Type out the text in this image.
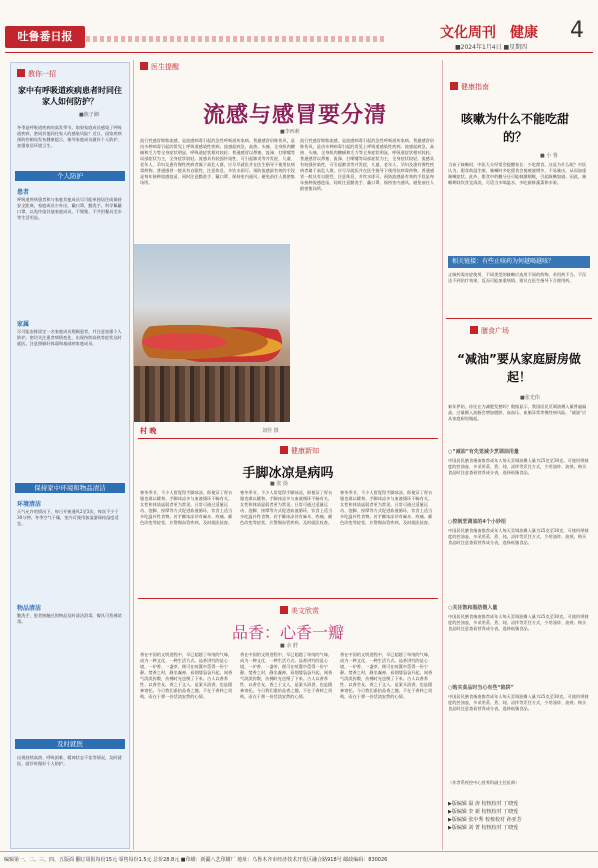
吐鲁番日报	文化周刊 健康 4
■2024年1月4日 ■星期四
教你一招
家中有呼吸道疾病患者时同住家人如何防护？
■陈子湘
冬季是呼吸道疾病的高发季节。如果家庭成员感染了呼吸道疾病，密同其他同住家人的感染风险？近日，国家疾病预防控制局发布健康提示，指导家庭成员做好个人防护，加强家居环境卫生。
个人防护
患者
呼吸道疾病患者和与家庭其他成员尽可能单独居住或保持安全距离，家庭成员少外出，戴口罩，勤洗手。科学佩戴口罩，以免传染其他家庭成员。不聚集、不共用餐具毛巾等生活用品。
家属
尽可能安排固定一名家庭成员照顾患者，并注意加强个人防护。密切关注患者病情变化，出现持续高热等症状及时就医。注意照顾好体弱和基础病家庭成员。
保持家中环境和物品清洁
环境清洁
天气允许的情况下，每日开窗通风2至3次，每次不少于30分钟。冬季空气干燥，室内可使用加湿器保持湿度适宜。
物品清洁
勤洗手，患者接触过的物品及时清洁消毒，餐具可煮沸消毒。
及时就医
出现持续高热、呼吸困难、精神状态不佳等情况，及时就医，就诊时做好个人防护。
医生提醒
流感与感冒要分清
■李西莉
流行性感冒简称流感，是流感病毒引起的急性呼吸道传染病。普通感冒俗称伤风，是由多种病毒引起的常见上呼吸道感染性疾病。流感起病急，高热、头痛、全身肌肉酸痛和乏力等全身症状明显，呼吸道症状相对较轻；普通感冒以鼻塞、流涕、打喷嚏等局部症状为主，全身症状较轻。流感具有较强传染性，可引起肺炎等并发症，儿童、老年人、孕妇及患有慢性疾病者属于高危人群，应尽早就医并在医生指导下使用抗病毒药物。普通感冒一般具有自限性，注意休息、多饮水即可。预防流感最有效的手段是每年接种流感疫苗，同时注意勤洗手、戴口罩、保持室内通风、避免前往人群密集场所。
流行性感冒简称流感，是流感病毒引起的急性呼吸道传染病。普通感冒俗称伤风，是由多种病毒引起的常见上呼吸道感染性疾病。流感起病急，高热、头痛、全身肌肉酸痛和乏力等全身症状明显，呼吸道症状相对较轻；普通感冒以鼻塞、流涕、打喷嚏等局部症状为主，全身症状较轻。流感具有较强传染性，可引起肺炎等并发症，儿童、老年人、孕妇及患有慢性疾病者属于高危人群，应尽早就医并在医生指导下使用抗病毒药物。普通感冒一般具有自限性，注意休息、多饮水即可。预防流感最有效的手段是每年接种流感疫苗，同时注意勤洗手、戴口罩、保持室内通风、避免前往人群密集场所。
村 晚	刘佳 摄
健康新知
手脚冰凉是病吗
■ 张 扬
寒冬季节，不少人常觉得手脚冰凉，即使穿了厚衣服也难以暖和。手脚冰凉多与血液循环不畅有关，女性和体质虚弱者更为常见。日常可通过适量运动、泡脚、按摩等方式促进血液循环，饮食上适当多吃温补性食物。若手脚冰凉伴有麻木、疼痛、颜色改变等症状，应警惕血管疾病，及时就医检查。
寒冬季节，不少人常觉得手脚冰凉，即使穿了厚衣服也难以暖和。手脚冰凉多与血液循环不畅有关，女性和体质虚弱者更为常见。日常可通过适量运动、泡脚、按摩等方式促进血液循环，饮食上适当多吃温补性食物。若手脚冰凉伴有麻木、疼痛、颜色改变等症状，应警惕血管疾病，及时就医检查。
寒冬季节，不少人常觉得手脚冰凉，即使穿了厚衣服也难以暖和。手脚冰凉多与血液循环不畅有关，女性和体质虚弱者更为常见。日常可通过适量运动、泡脚、按摩等方式促进血液循环，饮食上适当多吃温补性食物。若手脚冰凉伴有麻木、疼痛、颜色改变等症状，应警惕血管疾病，及时就医检查。
美文欣赏
品香：心香一瓣
■ 余 舒
香在中国的文明进程中，早已超越了单纯的气味，成为一种文化、一种生活方式。品香讲究的是心境，一炉香、一盏茶，便可在喧嚣中觅得一份宁静。焚香之时，静坐凝神，看烟缕袅袅升起，闻香气淡淡弥散，仿佛时光也慢了下来。古人以香养性、以香会友，香之于文人，是案头清供，也是精神寄托。今日我们重拾品香之趣，不在于香料之贵贱，而在于那一份恬淡安然的心情。
香在中国的文明进程中，早已超越了单纯的气味，成为一种文化、一种生活方式。品香讲究的是心境，一炉香、一盏茶，便可在喧嚣中觅得一份宁静。焚香之时，静坐凝神，看烟缕袅袅升起，闻香气淡淡弥散，仿佛时光也慢了下来。古人以香养性、以香会友，香之于文人，是案头清供，也是精神寄托。今日我们重拾品香之趣，不在于香料之贵贱，而在于那一份恬淡安然的心情。
香在中国的文明进程中，早已超越了单纯的气味，成为一种文化、一种生活方式。品香讲究的是心境，一炉香、一盏茶，便可在喧嚣中觅得一份宁静。焚香之时，静坐凝神，看烟缕袅袅升起，闻香气淡淡弥散，仿佛时光也慢了下来。古人以香养性、以香会友，香之于文人，是案头清供，也是精神寄托。今日我们重拾品香之趣，不在于香料之贵贱，而在于那一份恬淡安然的心情。
健康指南
咳嗽为什么不能吃甜的？
■ 小 鲁
当孩子咳嗽时，中医大夫经常会提醒家长：少吃甜食。这是为什么呢？中医认为，甜食助湿生痰，咳嗽时多吃甜食会使痰液增多、不易咳出，从而加重咳嗽症状。此外，甜食中的糖分还可能刺激咽喉，引起咳嗽加剧。因此，咳嗽期间饮食宜清淡，可适当多喝温水，多吃新鲜蔬菜和水果。
相关链接：有些止咳药为何越喝越咳？
止咳药需对症使用，不同类型的咳嗽应选用不同的药物。若用药不当，不仅达不到治疗效果，反而可能加重病情。建议在医生指导下合理用药。
膳食广场
“减油”要从家庭厨房做起！
■张光伟
新年伊始，你还在为减肥发愁吗？数据显示，我国居民烹调油摄入量普遍偏高，过量摄入油脂会增加肥胖、高血压、血脂异常等慢性病风险。“减油”应从家庭厨房做起。
○“减油”有先觉减少烹调油用量
中国居民膳食指南推荐成年人每天烹调油摄入量为25克至30克。可使用带刻度的控油壶，多采用蒸、煮、炖、凉拌等烹饪方式，少用油炸、油煎。购买食品时注意查看营养成分表，选择低脂食品。
○控制烹调油的4个小妙招
中国居民膳食指南推荐成年人每天烹调油摄入量为25克至30克。可使用带刻度的控油壶，多采用蒸、煮、炖、凉拌等烹饪方式，少用油炸、油煎。购买食品时注意查看营养成分表，选择低脂食品。
○关注饱和脂肪摄入量
中国居民膳食指南推荐成年人每天烹调油摄入量为25克至30克。可使用带刻度的控油壶，多采用蒸、煮、炖、凉拌等烹饪方式，少用油炸、油煎。购买食品时注意查看营养成分表，选择低脂食品。
○购买食品时当心有些“陷阱”
中国居民膳食指南推荐成年人每天烹调油摄入量为25克至30克。可使用带刻度的控油壶，多采用蒸、煮、炖、凉拌等烹饪方式，少用油炸、油煎。购买食品时注意查看营养成分表，选择低脂食品。
（作者系疾控中心营养科副主任医师）
▶版编辑 温 涛 校核校对 丁晓莲
▶版编辑 李 新 校核校对 丁晓莲
▶版编辑 张中秀 校核校对 孙亚芳
▶版编辑 刘 菁 校核校对 丁晓莲
编辑第一、二、三、四、五版面 翻订周报每份15元 零售每份1.5元 总价28.8元 ■印刷：新疆八艺印刷厂 地址：乌鲁木齐市经济技术开发区融合路918号 邮政编码：830026
